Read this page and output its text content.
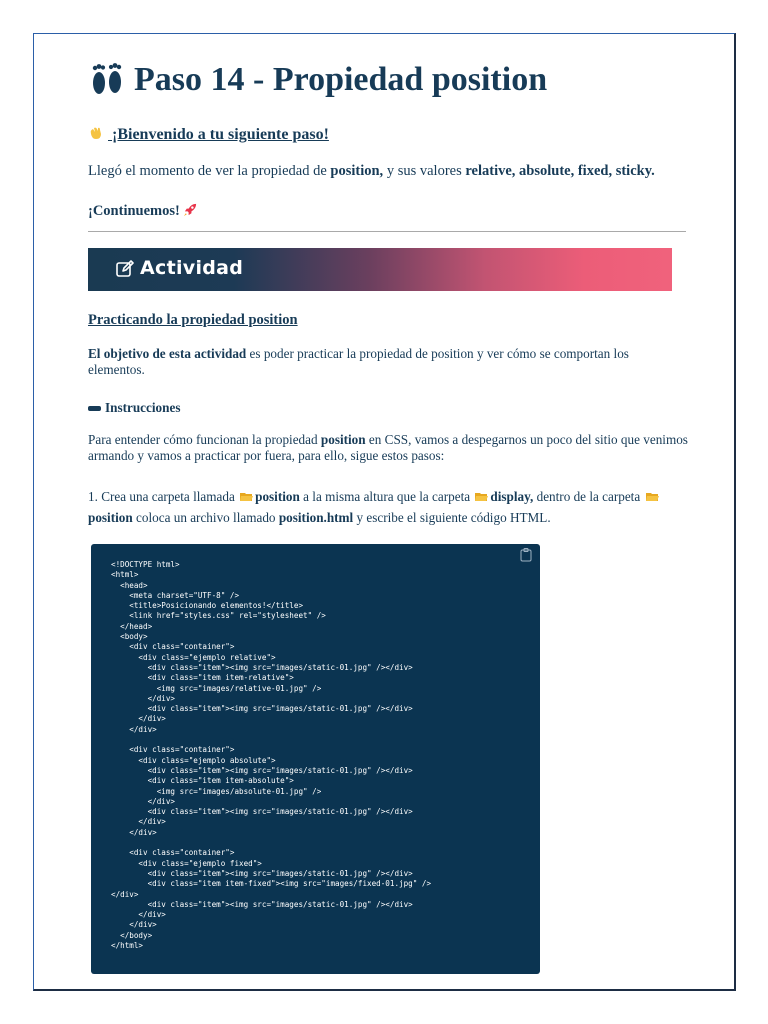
Paso 14 - Propiedad position
¡Bienvenido a tu siguiente paso!
Llegó el momento de ver la propiedad de position, y sus valores relative, absolute, fixed, sticky.
¡Continuemos!
Actividad
Practicando la propiedad position
El objetivo de esta actividad es poder practicar la propiedad de position y ver cómo se comportan los elementos.
Instrucciones
Para entender cómo funcionan la propiedad position en CSS, vamos a despegarnos un poco del sitio que venimos armando y vamos a practicar por fuera, para ello, sigue estos pasos:
1. Crea una carpeta llamada position a la misma altura que la carpeta display, dentro de la carpeta position coloca un archivo llamado position.html y escribe el siguiente código HTML.
<!DOCTYPE html>
<html>
<head>
<meta charset="UTF-8" />
<title>Posicionando elementos!</title>
<link href="styles.css" rel="stylesheet" />
</head>
<body>
<div class="container">
<div class="ejemplo relative">
<div class="item"><img src="images/static-01.jpg" /></div>
<div class="item item-relative">
<img src="images/relative-01.jpg" />
</div>
<div class="item"><img src="images/static-01.jpg" /></div>
</div>
</div>

<div class="container">
<div class="ejemplo absolute">
<div class="item"><img src="images/static-01.jpg" /></div>
<div class="item item-absolute">
<img src="images/absolute-01.jpg" />
</div>
<div class="item"><img src="images/static-01.jpg" /></div>
</div>
</div>

<div class="container">
<div class="ejemplo fixed">
<div class="item"><img src="images/static-01.jpg" /></div>
<div class="item item-fixed"><img src="images/fixed-01.jpg" />
</div>
<div class="item"><img src="images/static-01.jpg" /></div>
</div>
</div>
</body>
</html>
